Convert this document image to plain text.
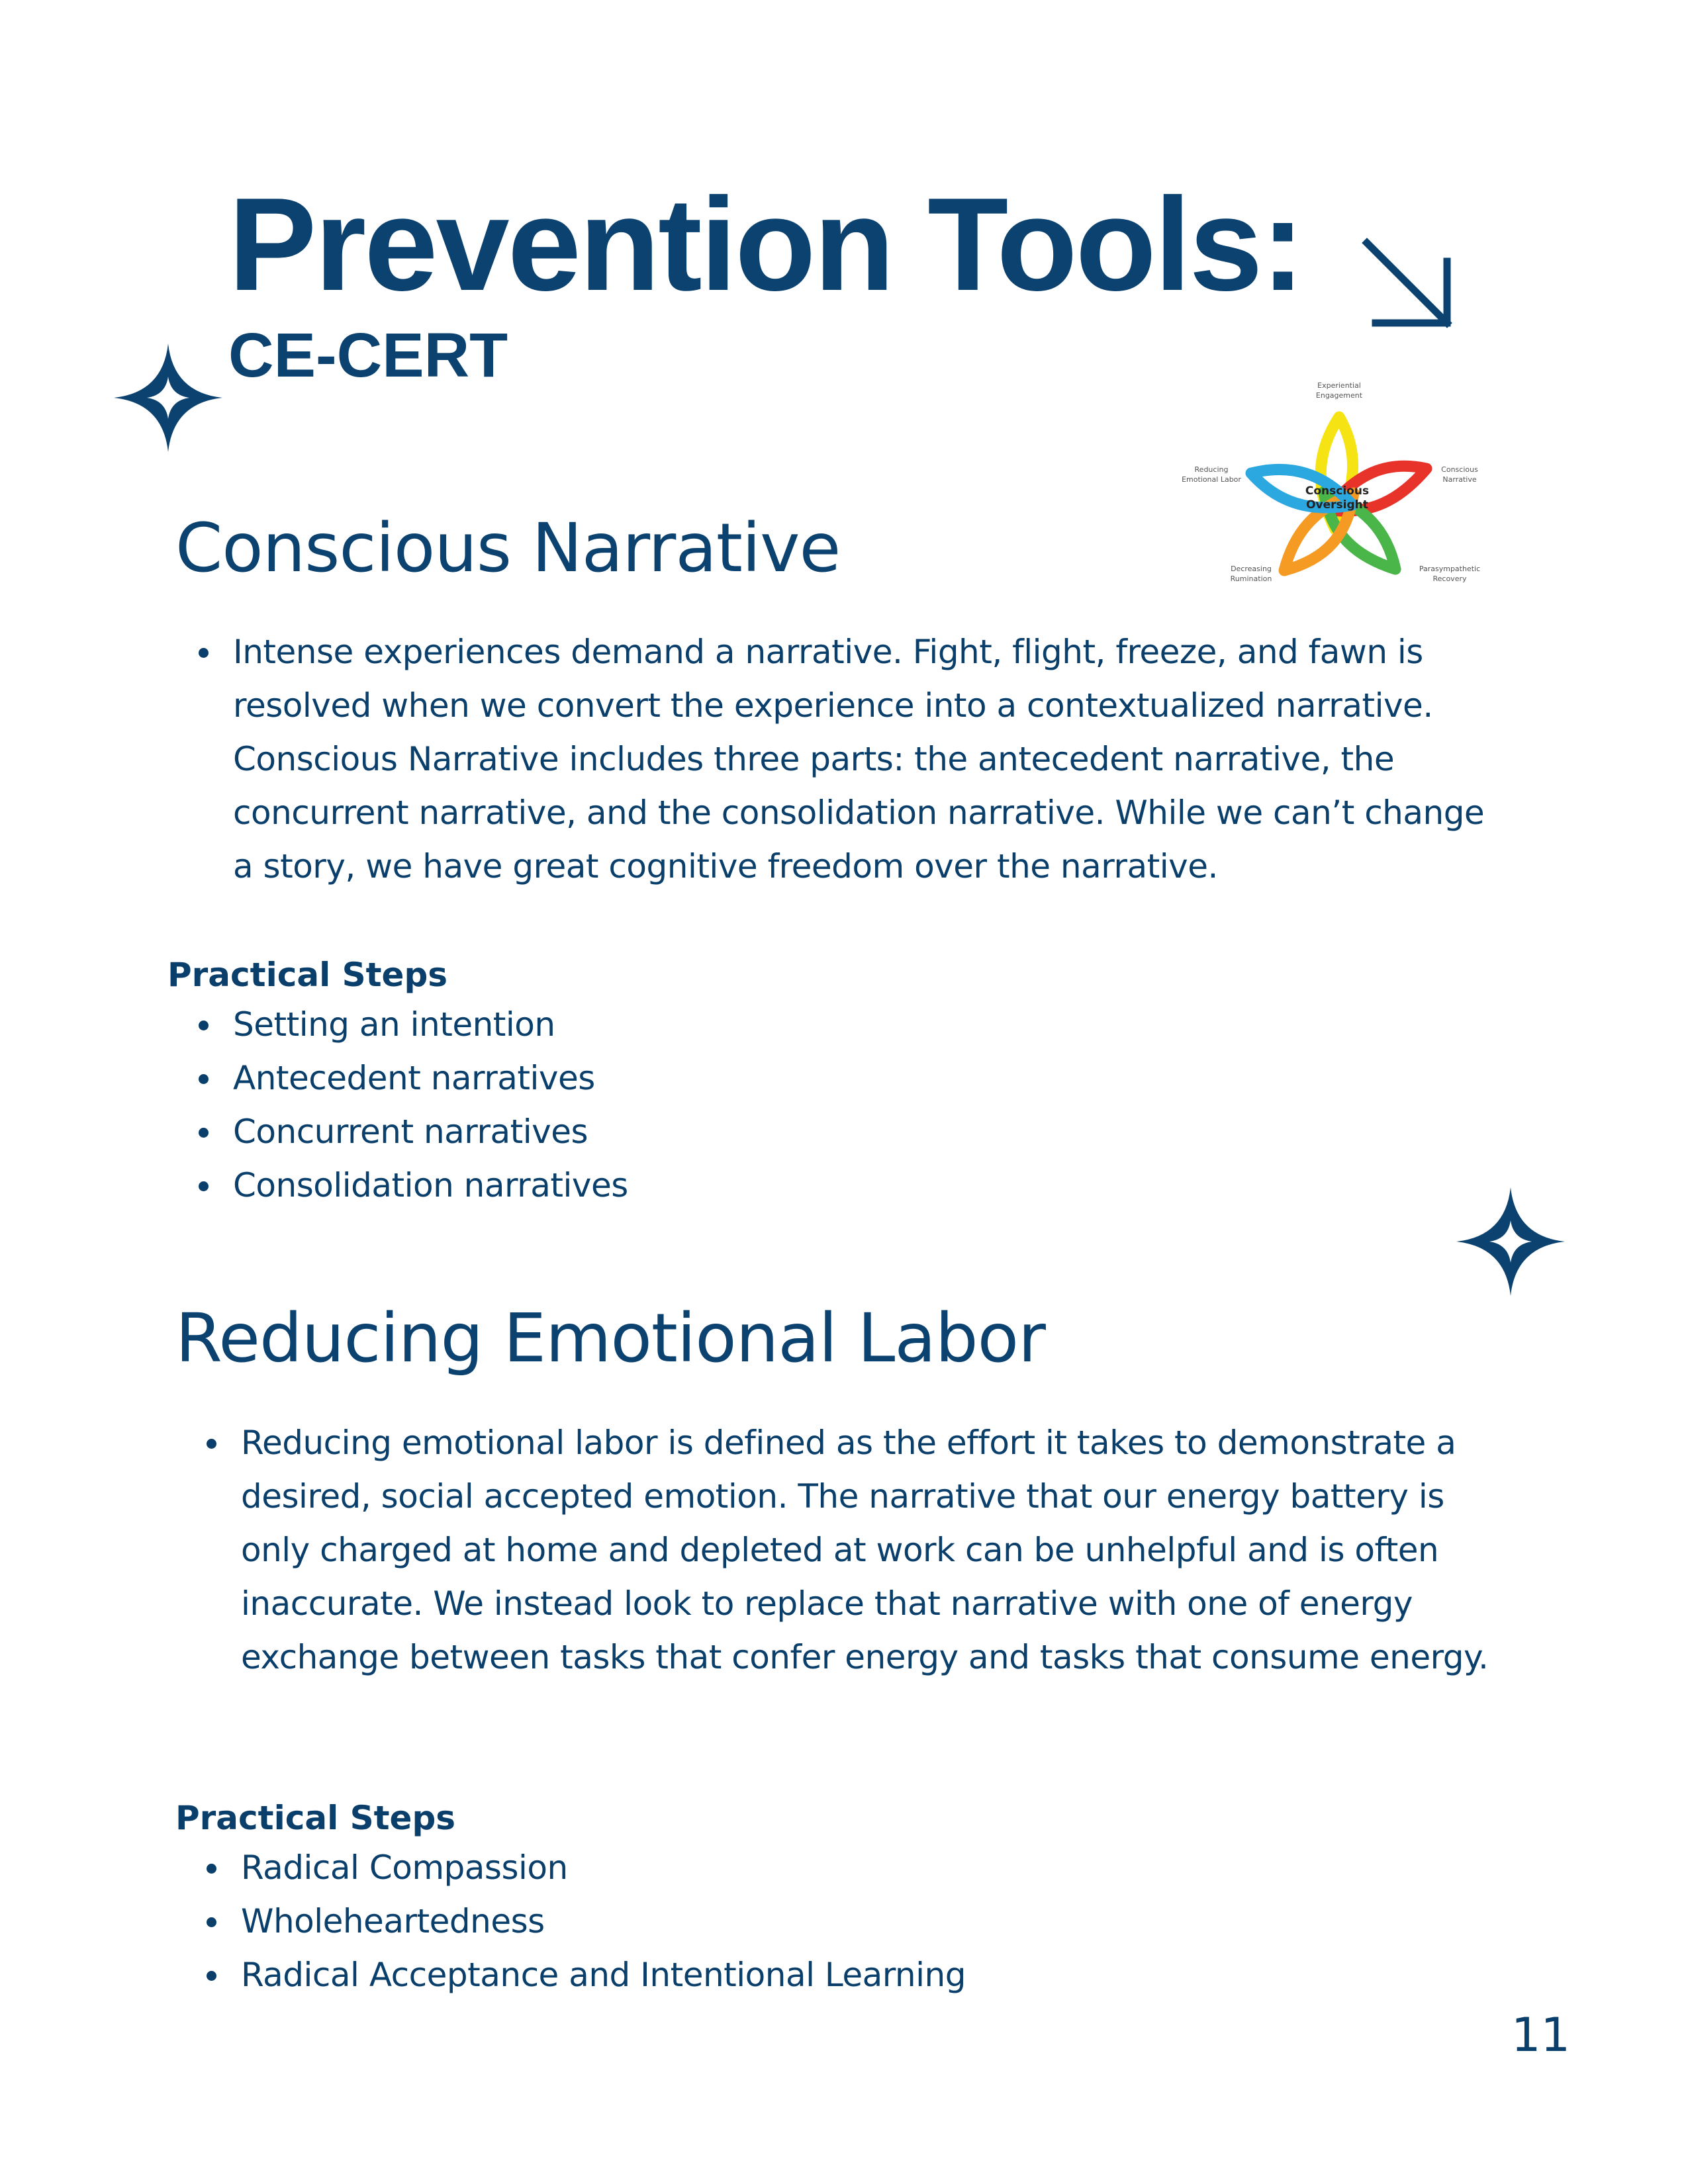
Prevention Tools:
CE-CERT
Conscious
Oversight
Experiential
Engagement
Conscious
Narrative
Parasympathetic
Recovery
Decreasing
Rumination
Reducing
Emotional Labor
Conscious Narrative
Intense experiences demand a narrative. Fight, flight, freeze, and fawn is resolved when we convert the experience into a contextualized narrative. Conscious Narrative includes three parts: the antecedent narrative, the concurrent narrative, and the consolidation narrative. While we can’t change a story, we have great cognitive freedom over the narrative.
Practical Steps
Setting an intention
Antecedent narratives
Concurrent narratives
Consolidation narratives
Reducing Emotional Labor
Reducing emotional labor is defined as the effort it takes to demonstrate a desired, social accepted emotion. The narrative that our energy battery is only charged at home and depleted at work can be unhelpful and is often inaccurate. We instead look to replace that narrative with one of energy exchange between tasks that confer energy and tasks that consume energy.
Practical Steps
Radical Compassion
Wholeheartedness
Radical Acceptance and Intentional Learning
11
